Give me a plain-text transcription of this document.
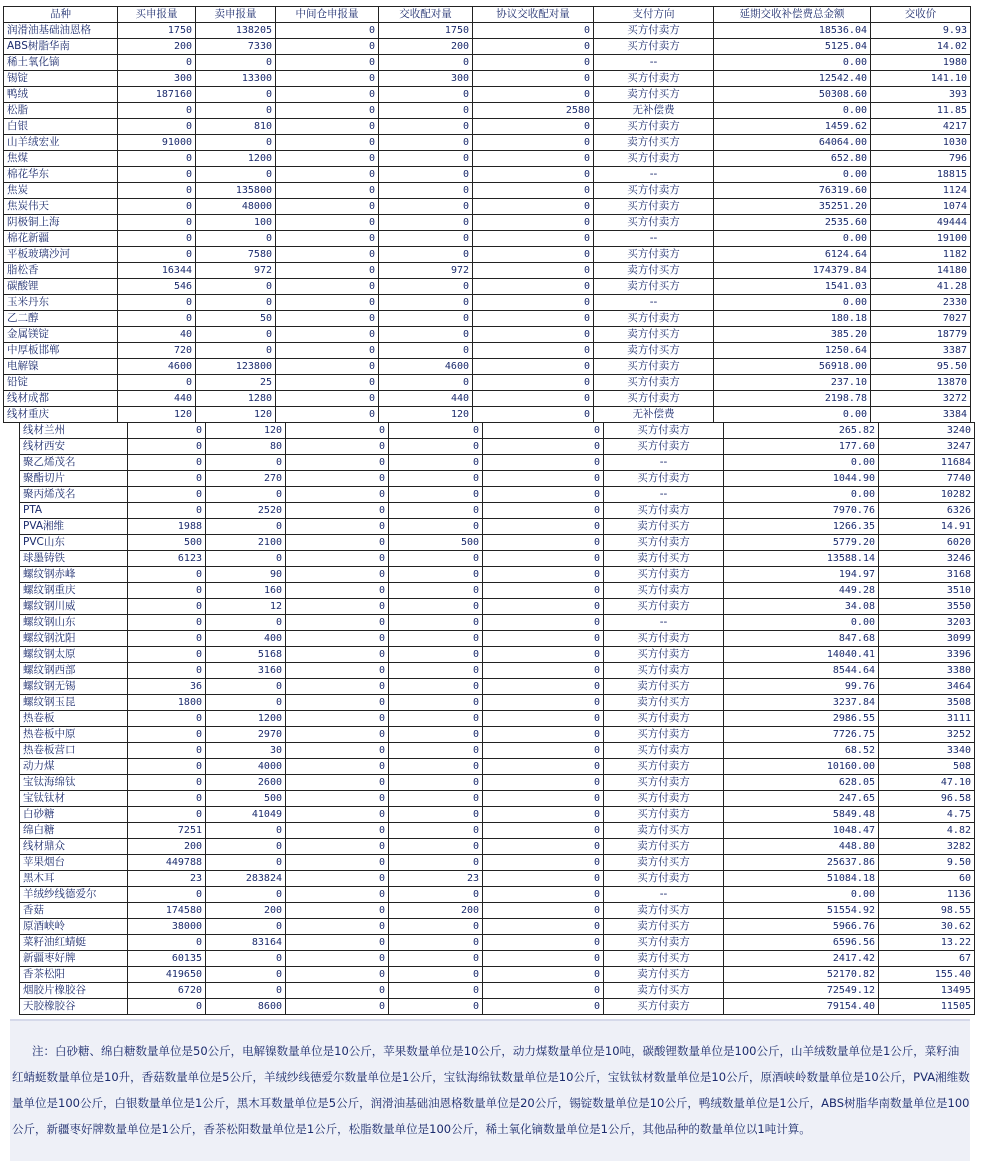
品种	买申报量	卖申报量	中间仓申报量	交收配对量	协议交收配对量	支付方向	延期交收补偿费总金额	交收价
润滑油基础油恩格	1750	138205	0	1750	0	买方付卖方	18536.04	9.93
ABS树脂华南	200	7330	0	200	0	买方付卖方	5125.04	14.02
稀土氧化镝	0	0	0	0	0	--	0.00	1980
锡锭	300	13300	0	300	0	买方付卖方	12542.40	141.10
鸭绒	187160	0	0	0	0	卖方付买方	50308.60	393
松脂	0	0	0	0	2580	无补偿费	0.00	11.85
白银	0	810	0	0	0	买方付卖方	1459.62	4217
山羊绒宏业	91000	0	0	0	0	卖方付买方	64064.00	1030
焦煤	0	1200	0	0	0	买方付卖方	652.80	796
棉花华东	0	0	0	0	0	--	0.00	18815
焦炭	0	135800	0	0	0	买方付卖方	76319.60	1124
焦炭伟天	0	48000	0	0	0	买方付卖方	35251.20	1074
阴极铜上海	0	100	0	0	0	买方付卖方	2535.60	49444
棉花新疆	0	0	0	0	0	--	0.00	19100
平板玻璃沙河	0	7580	0	0	0	买方付卖方	6124.64	1182
脂松香	16344	972	0	972	0	卖方付买方	174379.84	14180
碳酸锂	546	0	0	0	0	卖方付买方	1541.03	41.28
玉米丹东	0	0	0	0	0	--	0.00	2330
乙二醇	0	50	0	0	0	买方付卖方	180.18	7027
金属镁锭	40	0	0	0	0	卖方付买方	385.20	18779
中厚板邯郸	720	0	0	0	0	卖方付买方	1250.64	3387
电解镍	4600	123800	0	4600	0	买方付卖方	56918.00	95.50
铅锭	0	25	0	0	0	买方付卖方	237.10	13870
线材成都	440	1280	0	440	0	买方付卖方	2198.78	3272
线材重庆	120	120	0	120	0	无补偿费	0.00	3384
线材兰州	0	120	0	0	0	买方付卖方	265.82	3240
线材西安	0	80	0	0	0	买方付卖方	177.60	3247
聚乙烯茂名	0	0	0	0	0	--	0.00	11684
聚酯切片	0	270	0	0	0	买方付卖方	1044.90	7740
聚丙烯茂名	0	0	0	0	0	--	0.00	10282
PTA	0	2520	0	0	0	买方付卖方	7970.76	6326
PVA湘维	1988	0	0	0	0	卖方付买方	1266.35	14.91
PVC山东	500	2100	0	500	0	买方付卖方	5779.20	6020
球墨铸铁	6123	0	0	0	0	卖方付买方	13588.14	3246
螺纹钢赤峰	0	90	0	0	0	买方付卖方	194.97	3168
螺纹钢重庆	0	160	0	0	0	买方付卖方	449.28	3510
螺纹钢川威	0	12	0	0	0	买方付卖方	34.08	3550
螺纹钢山东	0	0	0	0	0	--	0.00	3203
螺纹钢沈阳	0	400	0	0	0	买方付卖方	847.68	3099
螺纹钢太原	0	5168	0	0	0	买方付卖方	14040.41	3396
螺纹钢西部	0	3160	0	0	0	买方付卖方	8544.64	3380
螺纹钢无锡	36	0	0	0	0	卖方付买方	99.76	3464
螺纹钢玉昆	1800	0	0	0	0	卖方付买方	3237.84	3508
热卷板	0	1200	0	0	0	买方付卖方	2986.55	3111
热卷板中原	0	2970	0	0	0	买方付卖方	7726.75	3252
热卷板营口	0	30	0	0	0	买方付卖方	68.52	3340
动力煤	0	4000	0	0	0	买方付卖方	10160.00	508
宝钛海绵钛	0	2600	0	0	0	买方付卖方	628.05	47.10
宝钛钛材	0	500	0	0	0	买方付卖方	247.65	96.58
白砂糖	0	41049	0	0	0	买方付卖方	5849.48	4.75
绵白糖	7251	0	0	0	0	卖方付买方	1048.47	4.82
线材鼎众	200	0	0	0	0	卖方付买方	448.80	3282
苹果烟台	449788	0	0	0	0	卖方付买方	25637.86	9.50
黑木耳	23	283824	0	23	0	买方付卖方	51084.18	60
羊绒纱线德爱尔	0	0	0	0	0	--	0.00	1136
香菇	174580	200	0	200	0	卖方付买方	51554.92	98.55
原酒峡岭	38000	0	0	0	0	卖方付买方	5966.76	30.62
菜籽油红蜻蜓	0	83164	0	0	0	买方付卖方	6596.56	13.22
新疆枣好牌	60135	0	0	0	0	卖方付买方	2417.42	67
香茶松阳	419650	0	0	0	0	卖方付买方	52170.82	155.40
烟胶片橡胶谷	6720	0	0	0	0	卖方付买方	72549.12	13495
天胶橡胶谷	0	8600	0	0	0	买方付卖方	79154.40	11505

注：白砂糖、绵白糖数量单位是50公斤，电解镍数量单位是10公斤，苹果数量单位是10公斤，动力煤数量单位是10吨，碳酸锂数量单位是100公斤，山羊绒数量单位是1公斤，菜籽油红蜻蜓数量单位是10升，香菇数量单位是5公斤，羊绒纱线德爱尔数量单位是1公斤，宝钛海绵钛数量单位是10公斤，宝钛钛材数量单位是10公斤，原酒峡岭数量单位是10公斤，PVA湘维数量单位是100公斤，白银数量单位是1公斤，黑木耳数量单位是5公斤，润滑油基础油恩格数量单位是20公斤，锡锭数量单位是10公斤，鸭绒数量单位是1公斤，ABS树脂华南数量单位是100公斤，新疆枣好牌数量单位是1公斤，香茶松阳数量单位是1公斤，松脂数量单位是100公斤，稀土氧化镝数量单位是1公斤，其他品种的数量单位以1吨计算。
